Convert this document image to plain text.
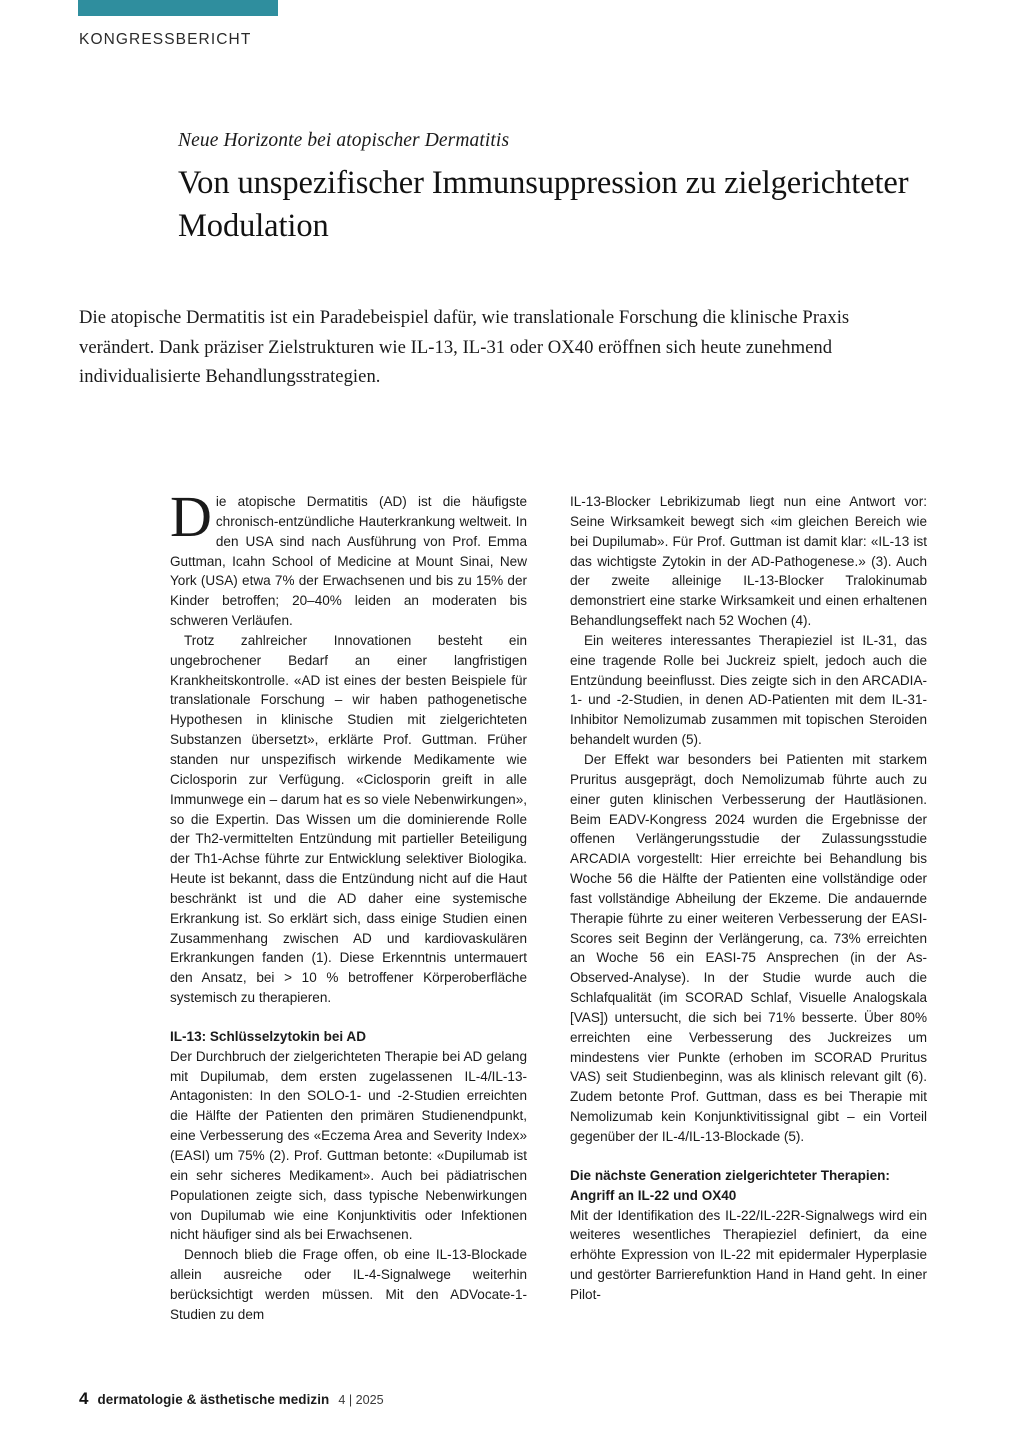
KONGRESSBERICHT
Neue Horizonte bei atopischer Dermatitis
Von unspezifischer Immunsuppression zu zielgerichteter Modulation
Die atopische Dermatitis ist ein Paradebeispiel dafür, wie translationale Forschung die klinische Praxis verändert. Dank präziser Zielstrukturen wie IL-13, IL-31 oder OX40 eröffnen sich heute zunehmend individualisierte Behandlungsstrategien.

Die atopische Dermatitis (AD) ist die häufigste chronisch-entzündliche Hauterkrankung weltweit. In den USA sind nach Ausführung von Prof. Emma Guttman, Icahn School of Medicine at Mount Sinai, New York (USA) etwa 7% der Erwachsenen und bis zu 15% der Kinder betroffen; 20–40% leiden an moderaten bis schweren Verläufen.

Trotz zahlreicher Innovationen besteht ein ungebrochener Bedarf an einer langfristigen Krankheitskontrolle. «AD ist eines der besten Beispiele für translationale Forschung – wir haben pathogenetische Hypothesen in klinische Studien mit zielgerichteten Substanzen übersetzt», erklärte Prof. Guttman. Früher standen nur unspezifisch wirkende Medikamente wie Ciclosporin zur Verfügung. «Ciclosporin greift in alle Immunwege ein – darum hat es so viele Nebenwirkungen», so die Expertin. Das Wissen um die dominierende Rolle der Th2-vermittelten Entzündung mit partieller Beteiligung der Th1-Achse führte zur Entwicklung selektiver Biologika. Heute ist bekannt, dass die Entzündung nicht auf die Haut beschränkt ist und die AD daher eine systemische Erkrankung ist. So erklärt sich, dass einige Studien einen Zusammenhang zwischen AD und kardiovaskulären Erkrankungen fanden (1). Diese Erkenntnis untermauert den Ansatz, bei > 10 % betroffener Körperoberfläche systemisch zu therapieren.

IL-13: Schlüsselzytokin bei AD

Der Durchbruch der zielgerichteten Therapie bei AD gelang mit Dupilumab, dem ersten zugelassenen IL-4/IL-13-Antagonisten: In den SOLO-1- und -2-Studien erreichten die Hälfte der Patienten den primären Studienendpunkt, eine Verbesserung des «Eczema Area and Severity Index» (EASI) um 75% (2). Prof. Guttman betonte: «Dupilumab ist ein sehr sicheres Medikament». Auch bei pädiatrischen Populationen zeigte sich, dass typische Nebenwirkungen von Dupilumab wie eine Konjunktivitis oder Infektionen nicht häufiger sind als bei Erwachsenen.

Dennoch blieb die Frage offen, ob eine IL-13-Blockade allein ausreiche oder IL-4-Signalwege weiterhin berücksichtigt werden müssen. Mit den ADVocate-1-Studien zu dem

IL-13-Blocker Lebrikizumab liegt nun eine Antwort vor: Seine Wirksamkeit bewegt sich «im gleichen Bereich wie bei Dupilumab». Für Prof. Guttman ist damit klar: «IL-13 ist das wichtigste Zytokin in der AD-Pathogenese.» (3). Auch der zweite alleinige IL-13-Blocker Tralokinumab demonstriert eine starke Wirksamkeit und einen erhaltenen Behandlungseffekt nach 52 Wochen (4).

Ein weiteres interessantes Therapieziel ist IL-31, das eine tragende Rolle bei Juckreiz spielt, jedoch auch die Entzündung beeinflusst. Dies zeigte sich in den ARCADIA-1- und -2-Studien, in denen AD-Patienten mit dem IL-31-Inhibitor Nemolizumab zusammen mit topischen Steroiden behandelt wurden (5).

Der Effekt war besonders bei Patienten mit starkem Pruritus ausgeprägt, doch Nemolizumab führte auch zu einer guten klinischen Verbesserung der Hautläsionen. Beim EADV-Kongress 2024 wurden die Ergebnisse der offenen Verlängerungsstudie der Zulassungsstudie ARCADIA vorgestellt: Hier erreichte bei Behandlung bis Woche 56 die Hälfte der Patienten eine vollständige oder fast vollständige Abheilung der Ekzeme. Die andauernde Therapie führte zu einer weiteren Verbesserung der EASI-Scores seit Beginn der Verlängerung, ca. 73% erreichten an Woche 56 ein EASI-75 Ansprechen (in der As-Observed-Analyse). In der Studie wurde auch die Schlafqualität (im SCORAD Schlaf, Visuelle Analogskala [VAS]) untersucht, die sich bei 71% besserte. Über 80% erreichten eine Verbesserung des Juckreizes um mindestens vier Punkte (erhoben im SCORAD Pruritus VAS) seit Studienbeginn, was als klinisch relevant gilt (6). Zudem betonte Prof. Guttman, dass es bei Therapie mit Nemolizumab kein Konjunktivitissignal gibt – ein Vorteil gegenüber der IL-4/IL-13-Blockade (5).

Die nächste Generation zielgerichteter Therapien: Angriff an IL-22 und OX40

Mit der Identifikation des IL-22/IL-22R-Signalwegs wird ein weiteres wesentliches Therapieziel definiert, da eine erhöhte Expression von IL-22 mit epidermaler Hyperplasie und gestörter Barrierefunktion Hand in Hand geht. In einer Pilot-

4 dermatologie & ästhetische medizin 4 | 2025
